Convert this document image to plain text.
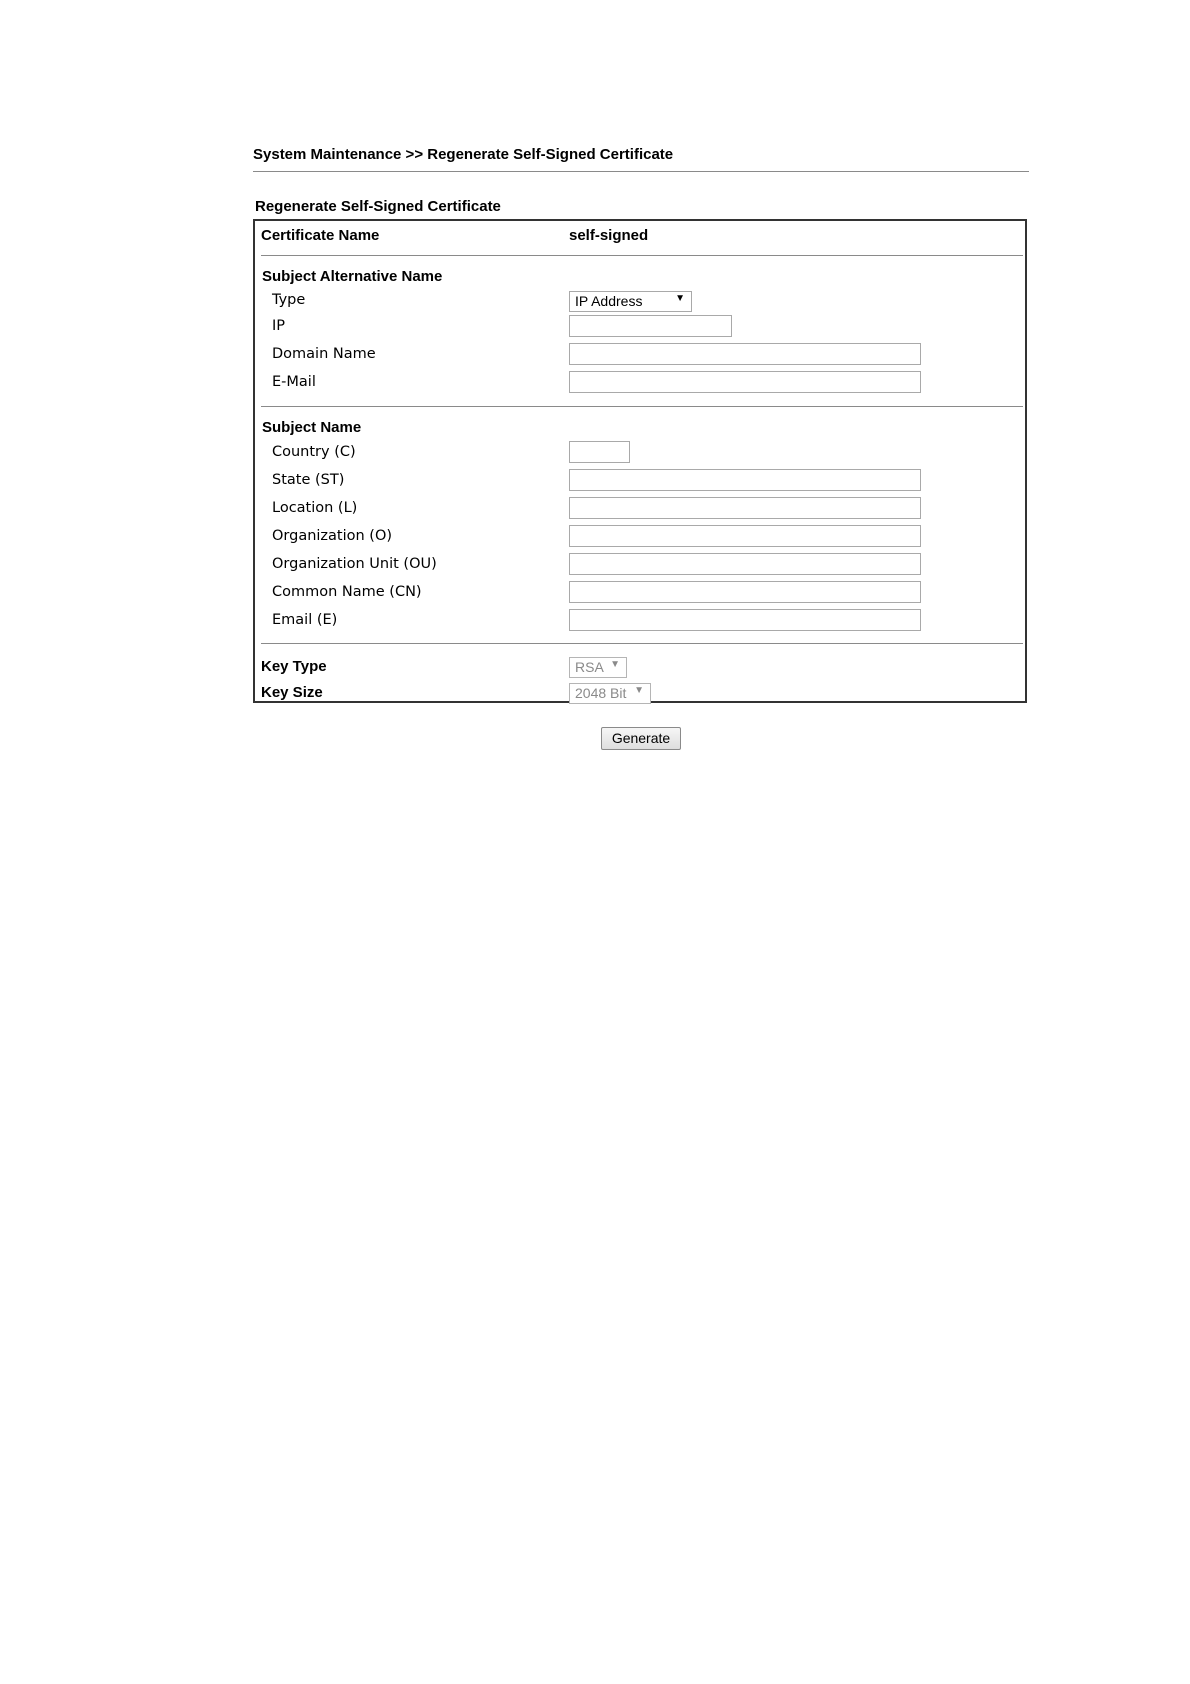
System Maintenance >> Regenerate Self-Signed Certificate
Regenerate Self-Signed Certificate
Certificate Name	self-signed
Subject Alternative Name
Type	IP Address	▼
IP
Domain Name
E-Mail
Subject Name
Country (C)
State (ST)
Location (L)
Organization (O)
Organization Unit (OU)
Common Name (CN)
Email (E)
Key Type	RSA ▼
Key Size	2048 Bit ▼
Generate
